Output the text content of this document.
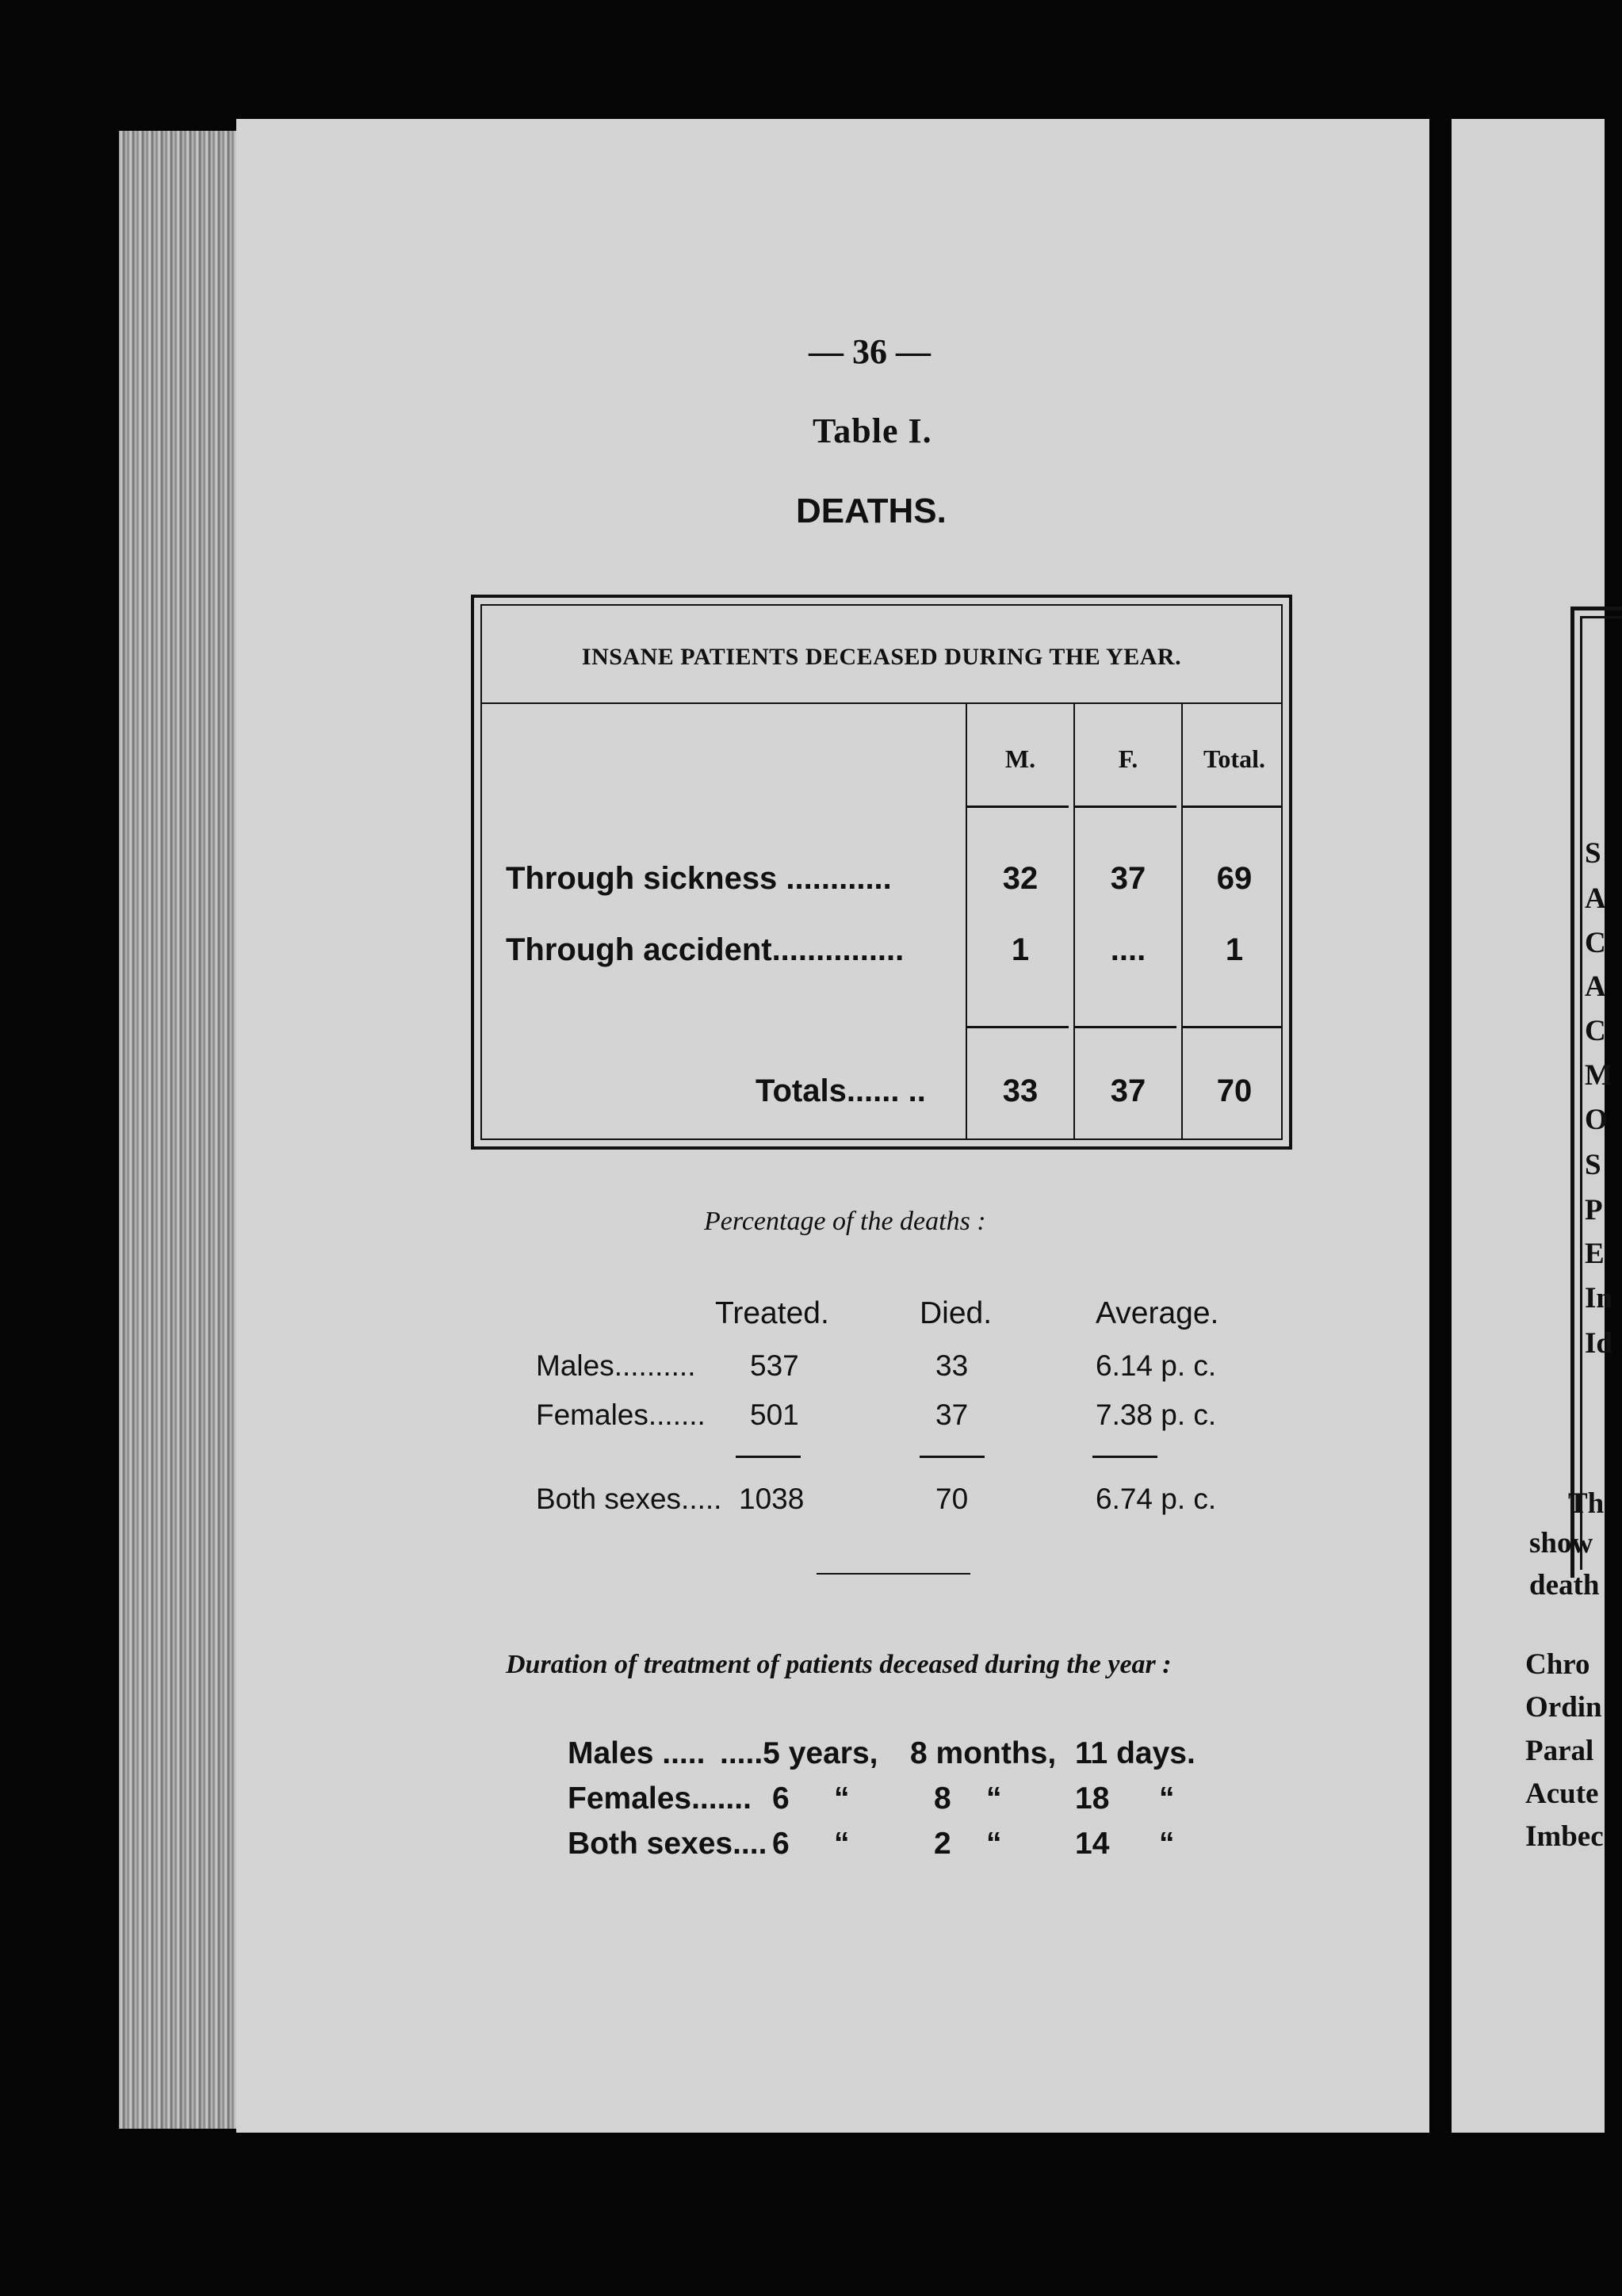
S
A
C
A
C
M
O
S
P
E
In
Id
Th
show
death
Chro
Ordin
Paral
Acute
Imbec
— 36 —
Table I.
DEATHS.
INSANE PATIENTS DECEASED DURING THE YEAR.
M.	F.	Total.
Through sickness ............	32	37	69
Through accident...............	1	....	1
Totals...... ..	33	37	70
Percentage of the deaths :
Treated.	Died.	Average.
Males.......... 537	33	6.14 p. c.
Females....... 501	37	7.38 p. c.
Both sexes..... 1038	70	6.74 p. c.
Duration of treatment of patients deceased during the year :
Males ..... .....5 years, 8 months, 11 days.
Females....... 6 “	8 “ 18 “
Both sexes.... 6 “	2 “ 14 “
